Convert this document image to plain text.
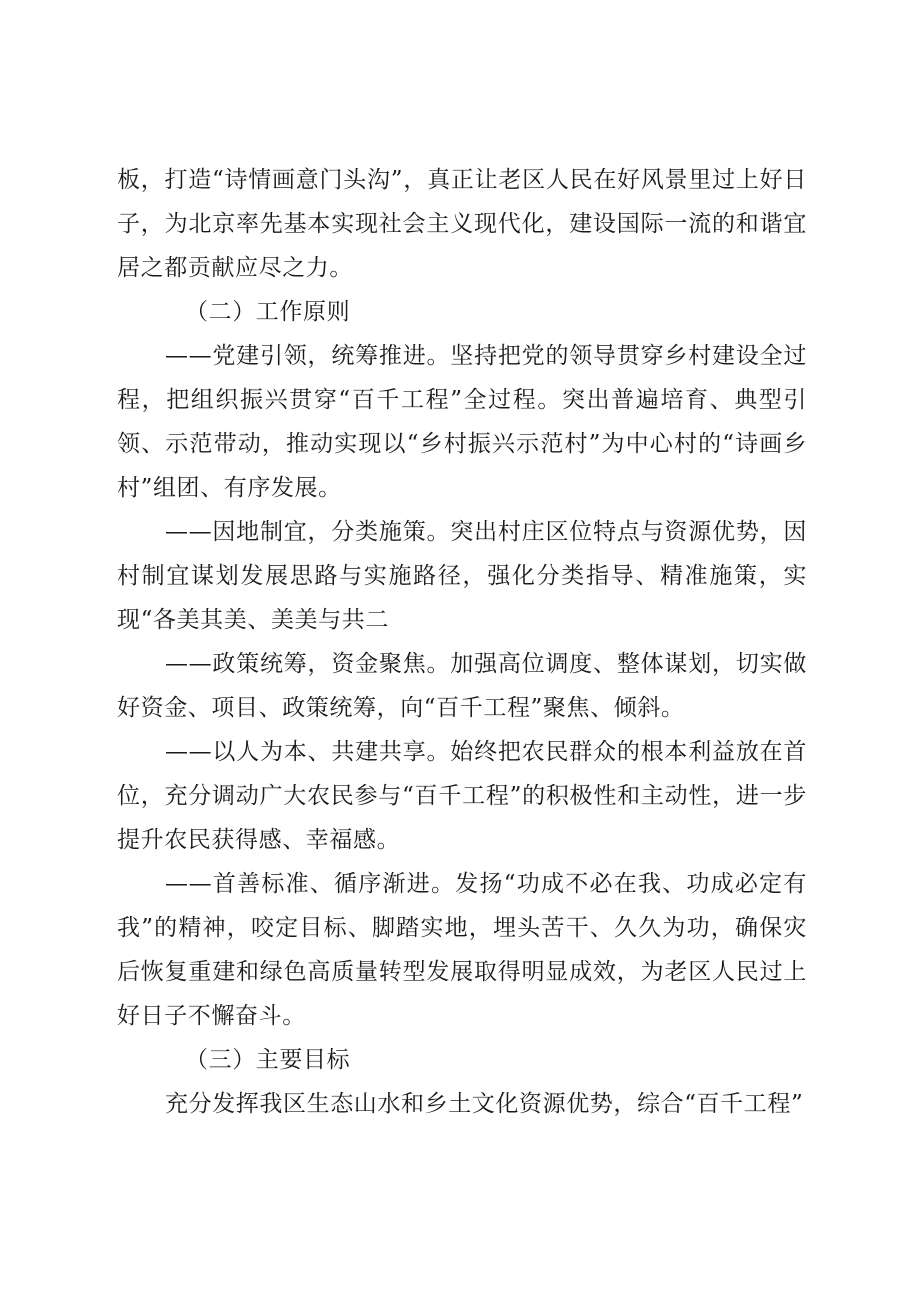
板，打造“诗情画意门头沟”，真正让老区人民在好风景里过上好日子，为北京率先基本实现社会主义现代化，建设国际一流的和谐宜居之都贡献应尽之力。

（二）工作原则

——党建引领，统筹推进。坚持把党的领导贯穿乡村建设全过程，把组织振兴贯穿“百千工程”全过程。突出普遍培育、典型引领、示范带动，推动实现以“乡村振兴示范村”为中心村的“诗画乡村”组团、有序发展。

——因地制宜，分类施策。突出村庄区位特点与资源优势，因村制宜谋划发展思路与实施路径，强化分类指导、精准施策，实现“各美其美、美美与共二

——政策统筹，资金聚焦。加强高位调度、整体谋划，切实做好资金、项目、政策统筹，向“百千工程”聚焦、倾斜。

——以人为本、共建共享。始终把农民群众的根本利益放在首位，充分调动广大农民参与“百千工程”的积极性和主动性，进一步提升农民获得感、幸福感。

——首善标准、循序渐进。发扬“功成不必在我、功成必定有我”的精神，咬定目标、脚踏实地，埋头苦干、久久为功，确保灾后恢复重建和绿色高质量转型发展取得明显成效，为老区人民过上好日子不懈奋斗。

（三）主要目标

充分发挥我区生态山水和乡土文化资源优势，综合“百千工程”
